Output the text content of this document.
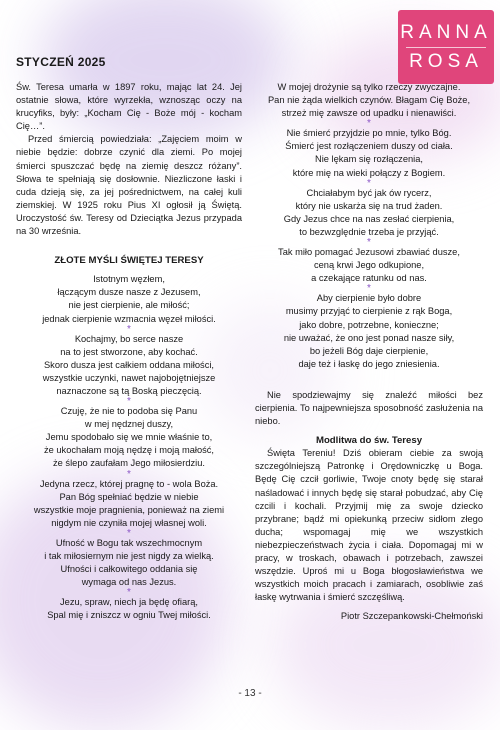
RANNA
ROSA
STYCZEŃ 2025

Św. Teresa umarła w 1897 roku, mając lat 24. Jej ostatnie słowa, które wyrzekła, wznosząc oczy na krucyfiks, były: „Kocham Cię - Boże mój - kocham Cię…”.

Przed śmiercią powiedziała: „Zajęciem moim w niebie będzie: dobrze czynić dla ziemi. Po mojej śmierci spuszczać będę na ziemię deszcz różany”. Słowa te spełniają się dosłownie. Niezliczone łaski i cuda dzieją się, za jej pośrednictwem, na całej kuli ziemskiej. W 1925 roku Pius XI ogłosił ją Świętą. Uroczystość św. Teresy od Dzieciątka Jezus przypada na 30 września.

ZŁOTE MYŚLI ŚWIĘTEJ TERESY

Istotnym węzłem,

łączącym dusze nasze z Jezusem,

nie jest cierpienie, ale miłość;

jednak cierpienie wzmacnia węzeł miłości.

*

Kochajmy, bo serce nasze

na to jest stworzone, aby kochać.

Skoro dusza jest całkiem oddana miłości,

wszystkie uczynki, nawet najobojętniejsze

naznaczone są tą Boską pieczęcią.

*

Czuję, że nie to podoba się Panu

w mej nędznej duszy,

Jemu spodobało się we mnie właśnie to,

że ukochałam moją nędzę i moją małość,

że ślepo zaufałam Jego miłosierdziu.

*

Jedyna rzecz, której pragnę to - wola Boża.

Pan Bóg spełniać będzie w niebie

wszystkie moje pragnienia, ponieważ na ziemi

nigdym nie czyniła mojej własnej woli.

*

Ufność w Bogu tak wszechmocnym

i tak miłosiernym nie jest nigdy za wielką.

Ufności i całkowitego oddania się

wymaga od nas Jezus.

*

Jezu, spraw, niech ja będę ofiarą,

Spal mię i zniszcz w ogniu Twej miłości.

W mojej drożynie są tylko rzeczy zwyczajne.

Pan nie żąda wielkich czynów. Błagam Cię Boże,

strzeż mię zawsze od upadku i nienawiści.

*

Nie śmierć przyjdzie po mnie, tylko Bóg.

Śmierć jest rozłączeniem duszy od ciała.

Nie lękam się rozłączenia,

które mię na wieki połączy z Bogiem.

*

Chciałabym być jak ów rycerz,

który nie uskarża się na trud żaden.

Gdy Jezus chce na nas zesłać cierpienia,

to bezwzględnie trzeba je przyjąć.

*

Tak miło pomagać Jezusowi zbawiać dusze,

ceną krwi Jego odkupione,

a czekające ratunku od nas.

*

Aby cierpienie było dobre

musimy przyjąć to cierpienie z rąk Boga,

jako dobre, potrzebne, konieczne;

nie uważać, że ono jest ponad nasze siły,

bo jeżeli Bóg daje cierpienie,

daje też i łaskę do jego zniesienia.

Nie spodziewajmy się znaleźć miłości bez cierpienia. To najpewniejsza sposobność zasłużenia na niebo.

Modlitwa do św. Teresy

Święta Tereniu! Dziś obieram ciebie za swoją szczególniejszą Patronkę i Orędowniczkę u Boga. Będę Cię czcił gorliwie, Twoje cnoty będę się starał naśladować i innych będę się starał pobudzać, aby Cię czcili i kochali. Przyjmij mię za swoje dziecko przybrane; bądź mi opiekunką przeciw sidłom złego ducha; wspomagaj mię we wszystkich niebezpieczeństwach życia i ciała. Dopomagaj mi w pracy, w troskach, obawach i potrzebach, zawszei wszędzie. Uproś mi u Boga błogosławieństwa we wszystkich moich pracach i zamiarach, osobliwie zaś łaskę wytrwania i śmierć szczęśliwą.

Piotr Szczepankowski-Chełmoński

- 13 -
